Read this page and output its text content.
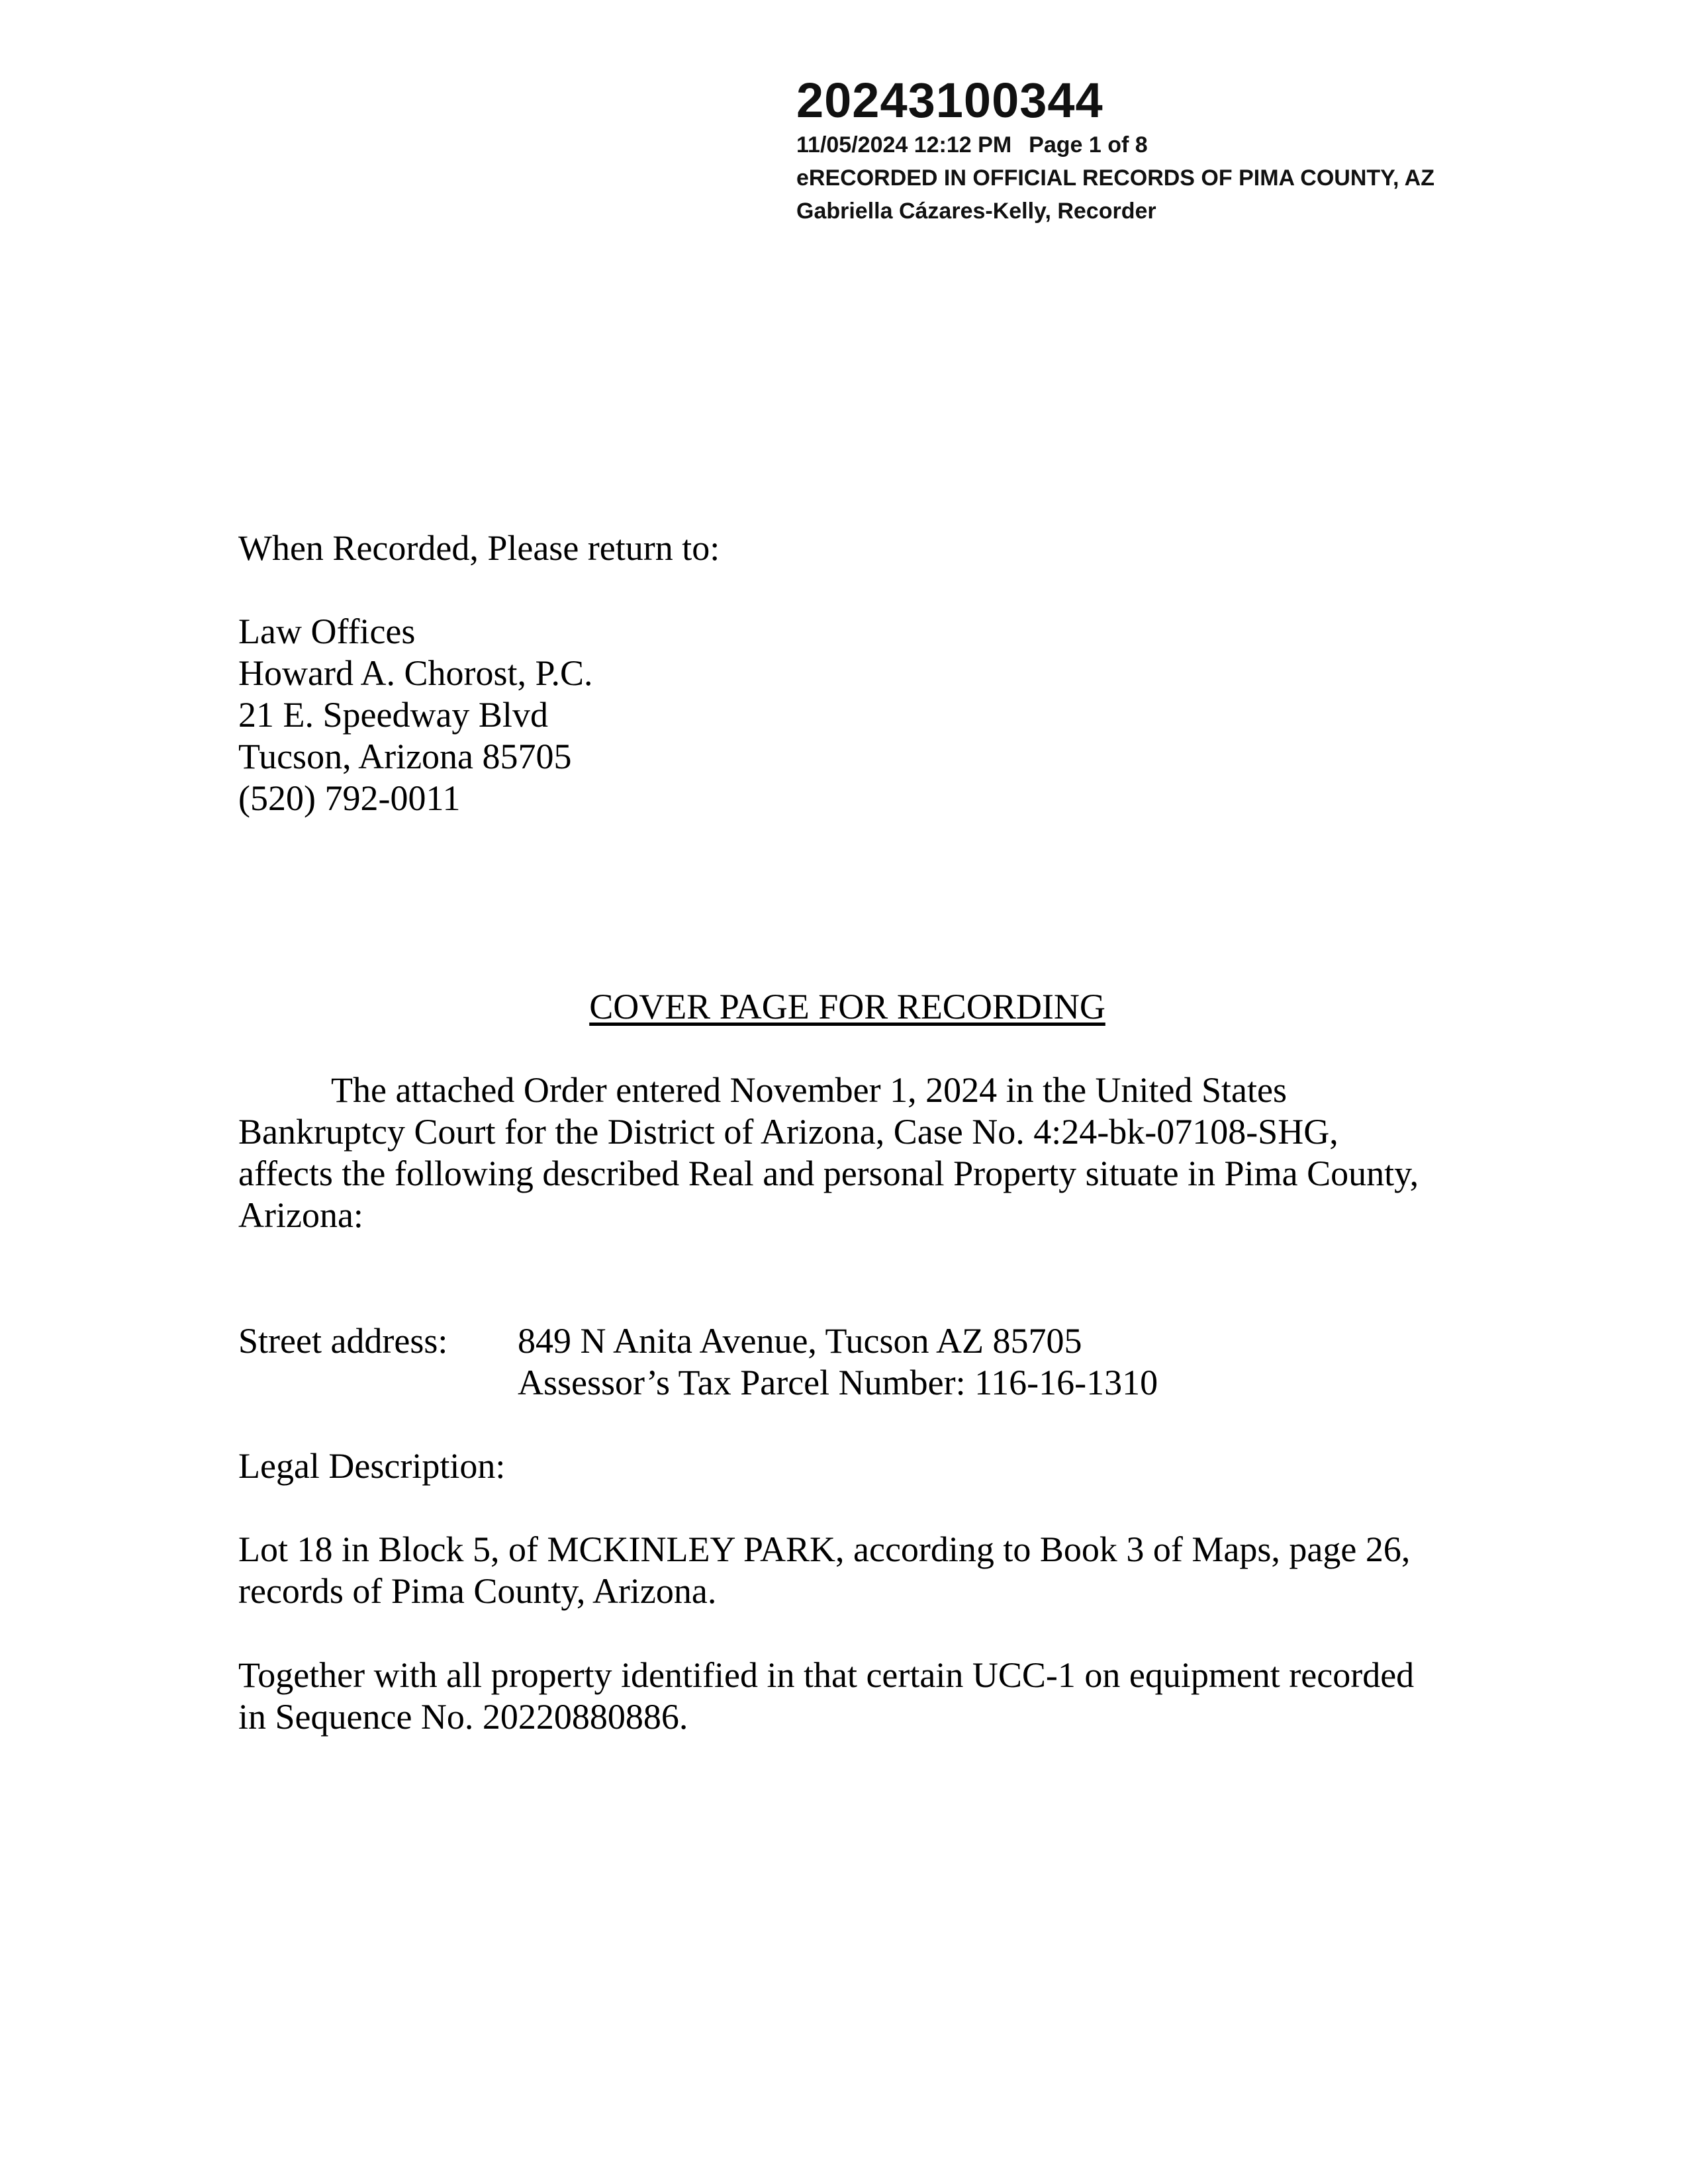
20243100344
11/05/2024 12:12 PM Page 1 of 8
eRECORDED IN OFFICIAL RECORDS OF PIMA COUNTY, AZ
Gabriella Cázares-Kelly, Recorder
When Recorded, Please return to:
Law Offices
Howard A. Chorost, P.C.
21 E. Speedway Blvd
Tucson, Arizona 85705
(520) 792-0011
COVER PAGE FOR RECORDING
The attached Order entered November 1, 2024 in the United States
Bankruptcy Court for the District of Arizona, Case No. 4:24-bk-07108-SHG,
affects the following described Real and personal Property situate in Pima County,
Arizona:
Street address: 849 N Anita Avenue, Tucson AZ 85705
Assessor’s Tax Parcel Number: 116-16-1310
Legal Description:
Lot 18 in Block 5, of MCKINLEY PARK, according to Book 3 of Maps, page 26,
records of Pima County, Arizona.
Together with all property identified in that certain UCC-1 on equipment recorded
in Sequence No. 20220880886.
